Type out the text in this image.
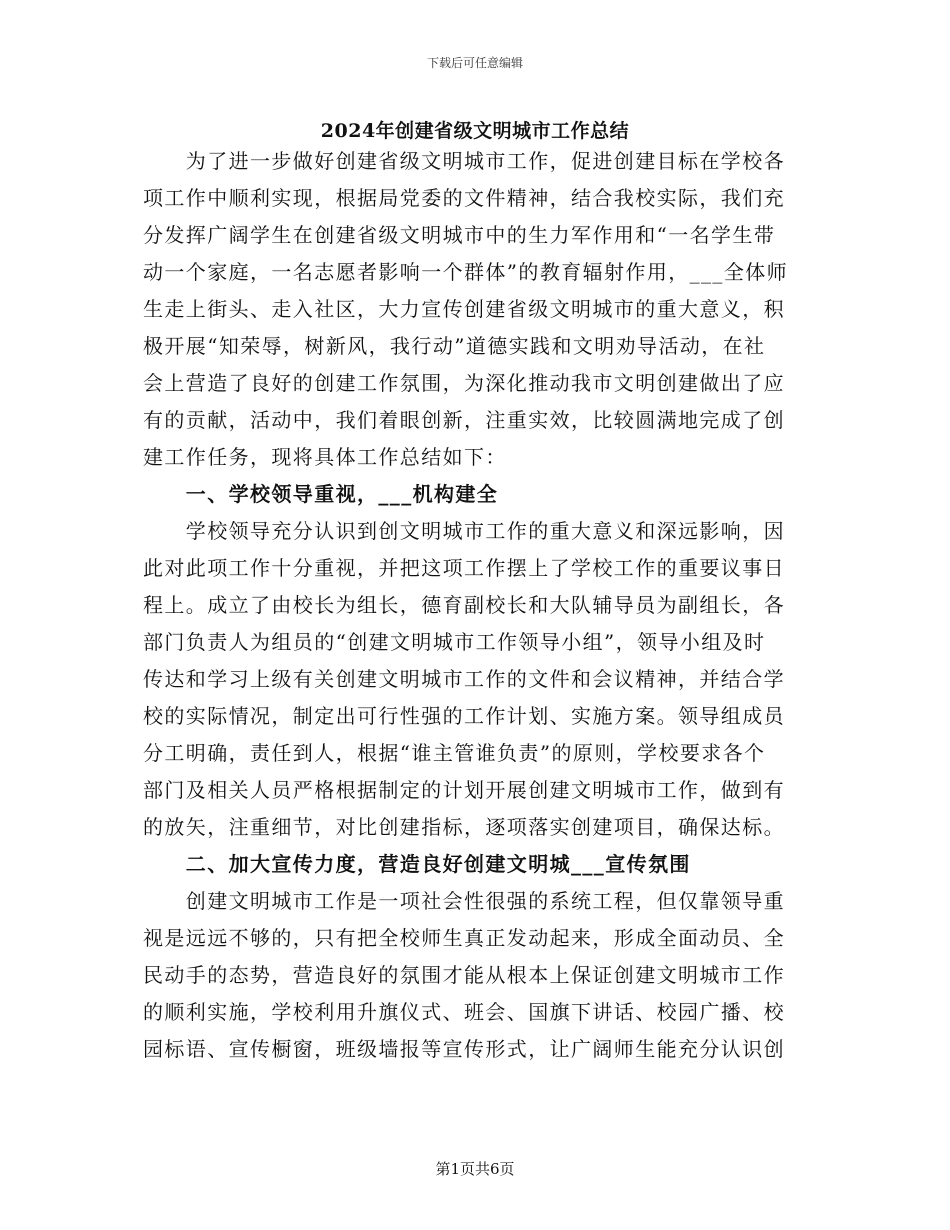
下载后可任意编辑
2024年创建省级文明城市工作总结
　　为了进一步做好创建省级文明城市工作，促进创建目标在学校各
项工作中顺利实现，根据局党委的文件精神，结合我校实际，我们充
分发挥广阔学生在创建省级文明城市中的生力军作用和“一名学生带
动一个家庭，一名志愿者影响一个群体”的教育辐射作用，___全体师
生走上街头、走入社区，大力宣传创建省级文明城市的重大意义，积
极开展“知荣辱，树新风，我行动”道德实践和文明劝导活动，在社
会上营造了良好的创建工作氛围，为深化推动我市文明创建做出了应
有的贡献，活动中，我们着眼创新，注重实效，比较圆满地完成了创
建工作任务，现将具体工作总结如下：
　　一、学校领导重视，___机构建全
　　学校领导充分认识到创文明城市工作的重大意义和深远影响，因
此对此项工作十分重视，并把这项工作摆上了学校工作的重要议事日
程上。成立了由校长为组长，德育副校长和大队辅导员为副组长，各
部门负责人为组员的“创建文明城市工作领导小组”，领导小组及时
传达和学习上级有关创建文明城市工作的文件和会议精神，并结合学
校的实际情况，制定出可行性强的工作计划、实施方案。领导组成员
分工明确，责任到人，根据“谁主管谁负责”的原则，学校要求各个
部门及相关人员严格根据制定的计划开展创建文明城市工作，做到有
的放矢，注重细节，对比创建指标，逐项落实创建项目，确保达标。
　　二、加大宣传力度，营造良好创建文明城___宣传氛围
　　创建文明城市工作是一项社会性很强的系统工程，但仅靠领导重
视是远远不够的，只有把全校师生真正发动起来，形成全面动员、全
民动手的态势，营造良好的氛围才能从根本上保证创建文明城市工作
的顺利实施，学校利用升旗仪式、班会、国旗下讲话、校园广播、校
园标语、宣传橱窗，班级墙报等宣传形式，让广阔师生能充分认识创
第1页共6页
